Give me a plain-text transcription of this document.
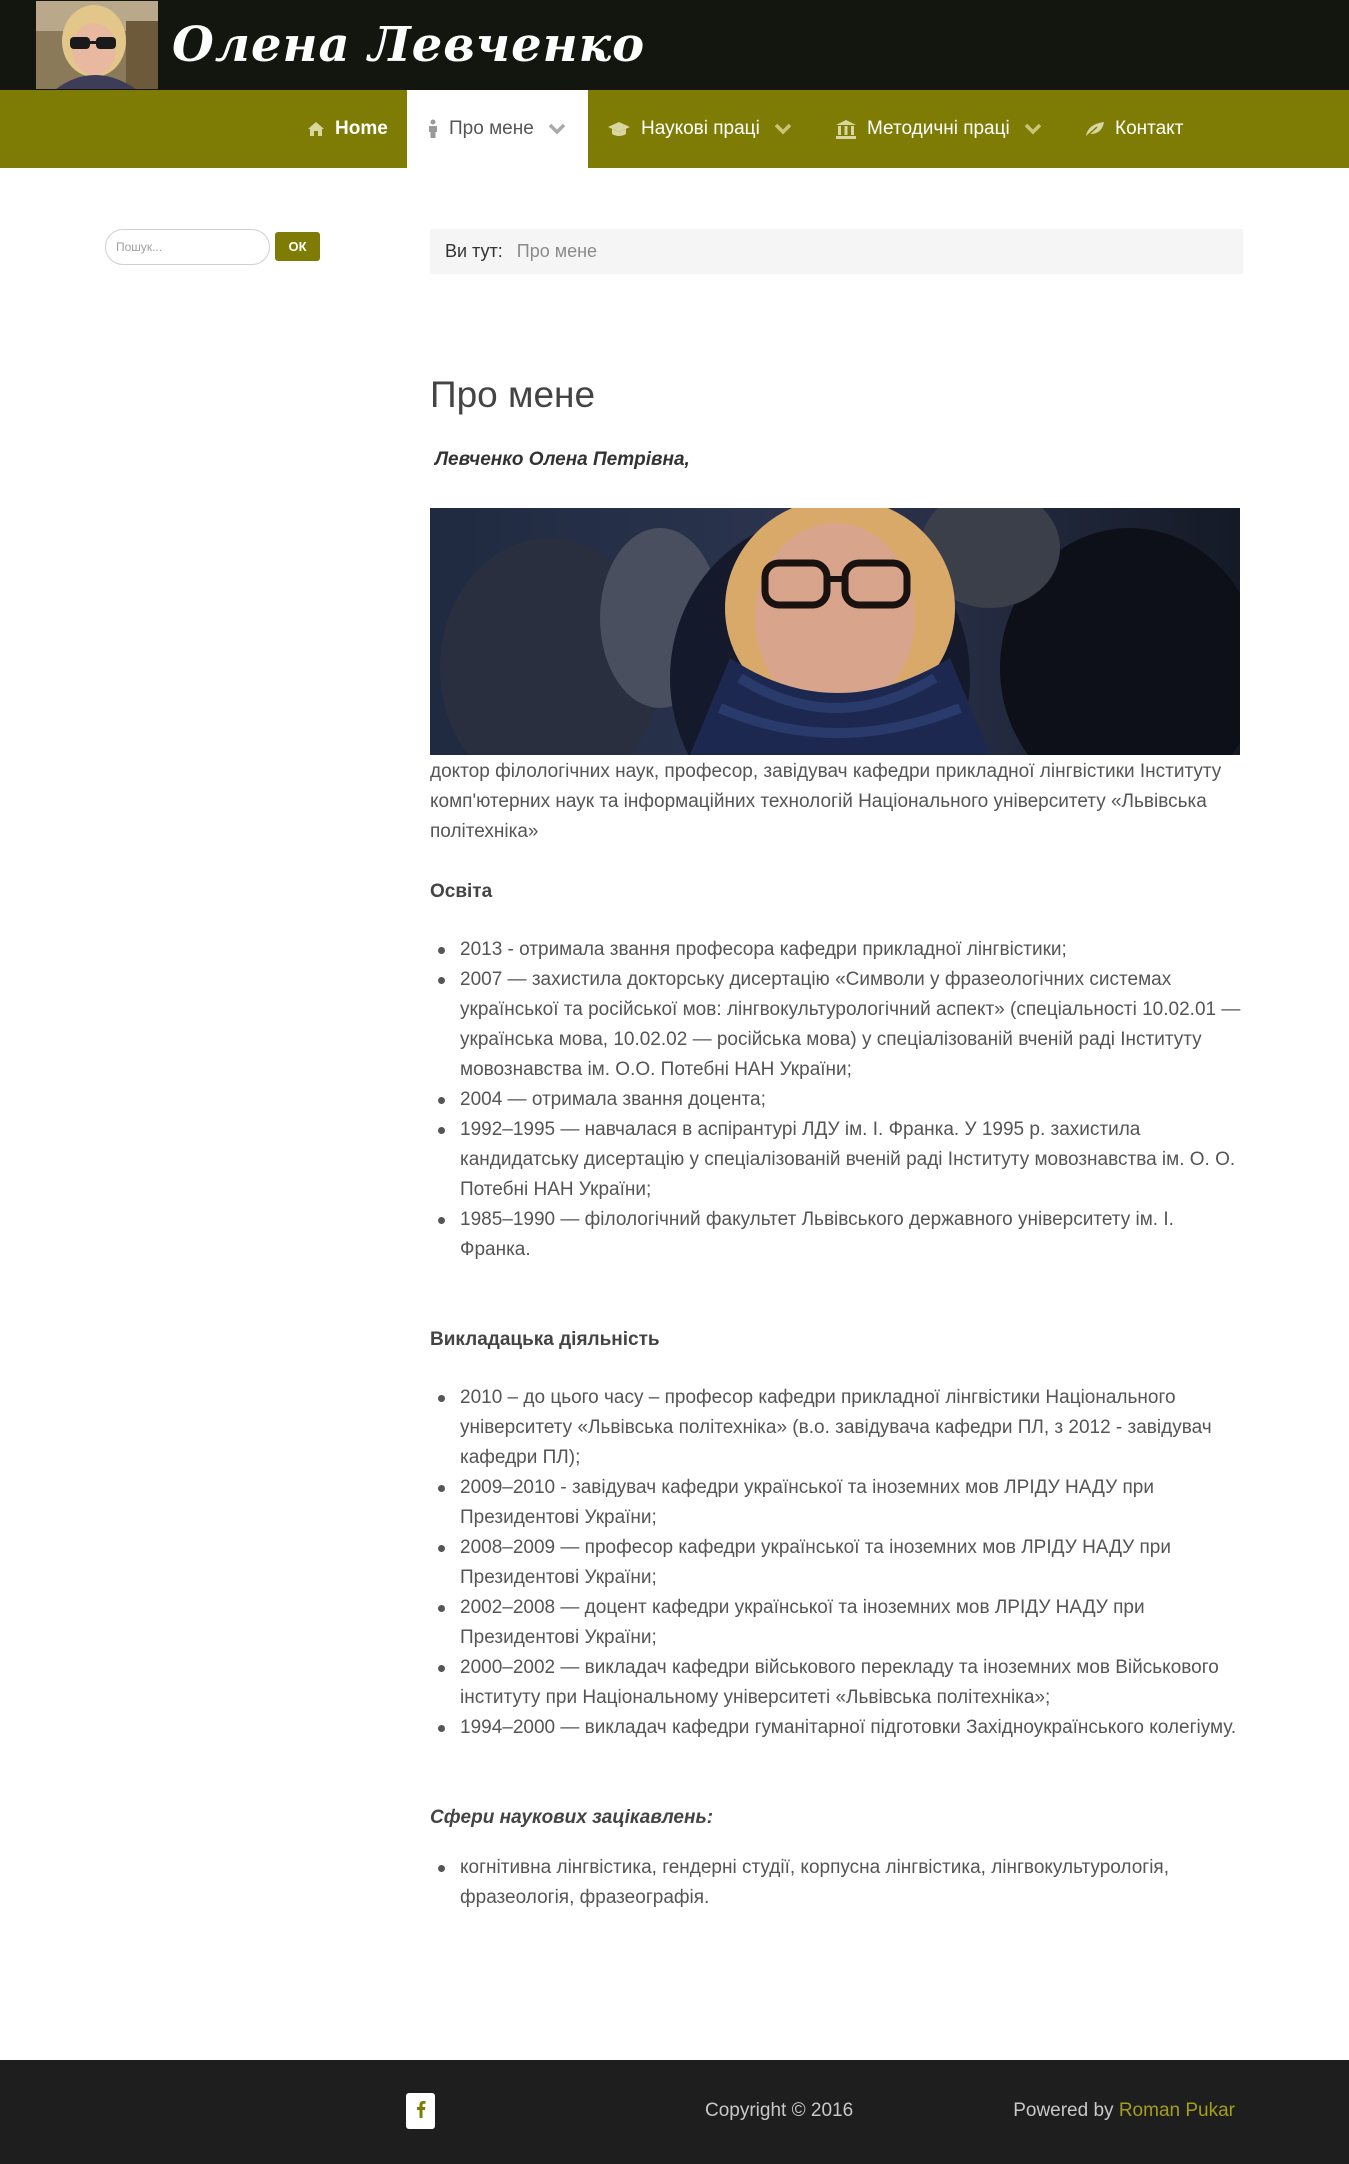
Олена Левченко
Home	Про мене	Наукові праці	Методичні праці	Контакт
Пошук...
ОК	Ви тут: Про мене
Про мене

Левченко Олена Петрівна,

доктор філологічних наук, професор, завідувач кафедри прикладної лінгвістики Інституту комп'ютерних наук та інформаційних технологій Національного університету «Львівська політехніка»

Освіта
2013 - отримала звання професора кафедри прикладної лінгвістики;
2007 — захистила докторську дисертацію «Символи у фразеологічних системах української та російської мов: лінгвокультурологічний аспект» (спеціальності 10.02.01 — українська мова, 10.02.02 — російська мова) у спеціалізованій вченій раді Інституту мовознавства ім. О.О. Потебні НАН України;
2004 — отримала звання доцента;
1992–1995 — навчалася в аспірантурі ЛДУ ім. І. Франка. У 1995 р. захистила кандидатську дисертацію у спеціалізованій вченій раді Інституту мовознавства ім. О. О. Потебні НАН України;
1985–1990 — філологічний факультет Львівського державного університету ім. І. Франка.
Викладацька діяльність
2010 – до цього часу – професор кафедри прикладної лінгвістики Національного університету «Львівська політехніка» (в.о. завідувача кафедри ПЛ, з 2012 - завідувач кафедри ПЛ);
2009–2010 - завідувач кафедри української та іноземних мов ЛРІДУ НАДУ при Президентові України;
2008–2009 — професор кафедри української та іноземних мов ЛРІДУ НАДУ при Президентові України;
2002–2008 — доцент кафедри української та іноземних мов ЛРІДУ НАДУ при Президентові України;
2000–2002 — викладач кафедри військового перекладу та іноземних мов Військового інституту при Національному університеті «Львівська політехніка»;
1994–2000 — викладач кафедри гуманітарної підготовки Західноукраїнського колегіуму.
Сфери наукових зацікавлень:
когнітивна лінгвістика, гендерні студії, корпусна лінгвістика, лінгвокультурологія, фразеологія, фразеографія.
Copyright © 2016	Powered by Roman Pukar
